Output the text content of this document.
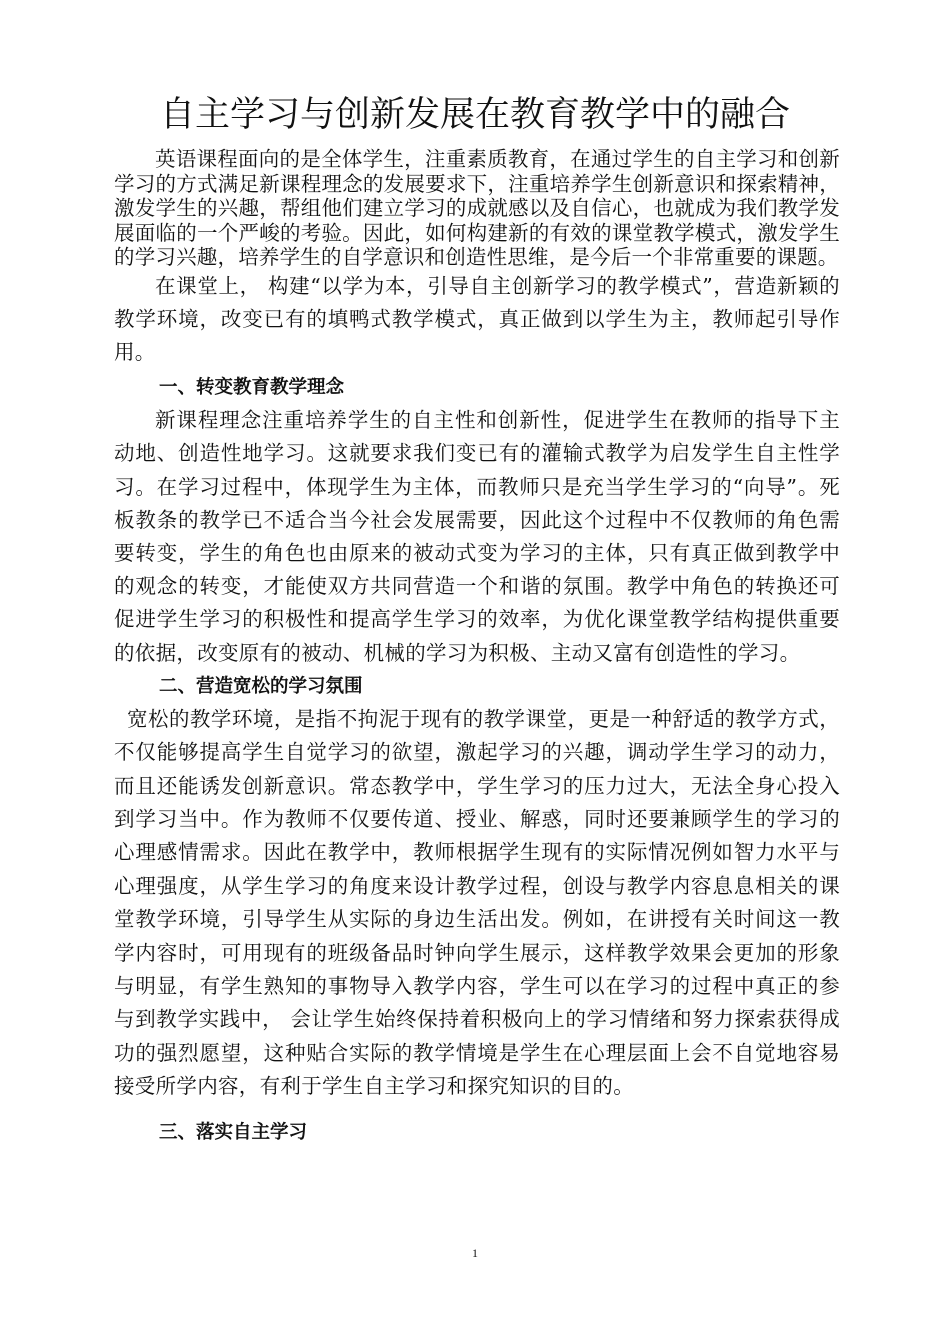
自主学习与创新发展在教育教学中的融合

英语课程面向的是全体学生，注重素质教育，在通过学生的自主学习和创新学习的方式满足新课程理念的发展要求下，注重培养学生创新意识和探索精神，激发学生的兴趣，帮组他们建立学习的成就感以及自信心，也就成为我们教学发展面临的一个严峻的考验。因此，如何构建新的有效的课堂教学模式，激发学生的学习兴趣，培养学生的自学意识和创造性思维，是今后一个非常重要的课题。

在课堂上， 构建“以学为本，引导自主创新学习的教学模式”，营造新颖的教学环境，改变已有的填鸭式教学模式，真正做到以学生为主，教师起引导作用。

一、转变教育教学理念

新课程理念注重培养学生的自主性和创新性，促进学生在教师的指导下主动地、创造性地学习。这就要求我们变已有的灌输式教学为启发学生自主性学习。在学习过程中，体现学生为主体，而教师只是充当学生学习的“向导”。死板教条的教学已不适合当今社会发展需要，因此这个过程中不仅教师的角色需要转变，学生的角色也由原来的被动式变为学习的主体，只有真正做到教学中的观念的转变，才能使双方共同营造一个和谐的氛围。教学中角色的转换还可促进学生学习的积极性和提高学生学习的效率，为优化课堂教学结构提供重要的依据，改变原有的被动、机械的学习为积极、主动又富有创造性的学习。

二、营造宽松的学习氛围

宽松的教学环境，是指不拘泥于现有的教学课堂，更是一种舒适的教学方式，不仅能够提高学生自觉学习的欲望，激起学习的兴趣，调动学生学习的动力，而且还能诱发创新意识。常态教学中，学生学习的压力过大，无法全身心投入到学习当中。作为教师不仅要传道、授业、解惑，同时还要兼顾学生的学习的心理感情需求。因此在教学中，教师根据学生现有的实际情况例如智力水平与心理强度，从学生学习的角度来设计教学过程，创设与教学内容息息相关的课堂教学环境，引导学生从实际的身边生活出发。例如，在讲授有关时间这一教学内容时，可用现有的班级备品时钟向学生展示，这样教学效果会更加的形象与明显，有学生熟知的事物导入教学内容，学生可以在学习的过程中真正的参与到教学实践中， 会让学生始终保持着积极向上的学习情绪和努力探索获得成功的强烈愿望，这种贴合实际的教学情境是学生在心理层面上会不自觉地容易接受所学内容，有利于学生自主学习和探究知识的目的。

三、落实自主学习
1
